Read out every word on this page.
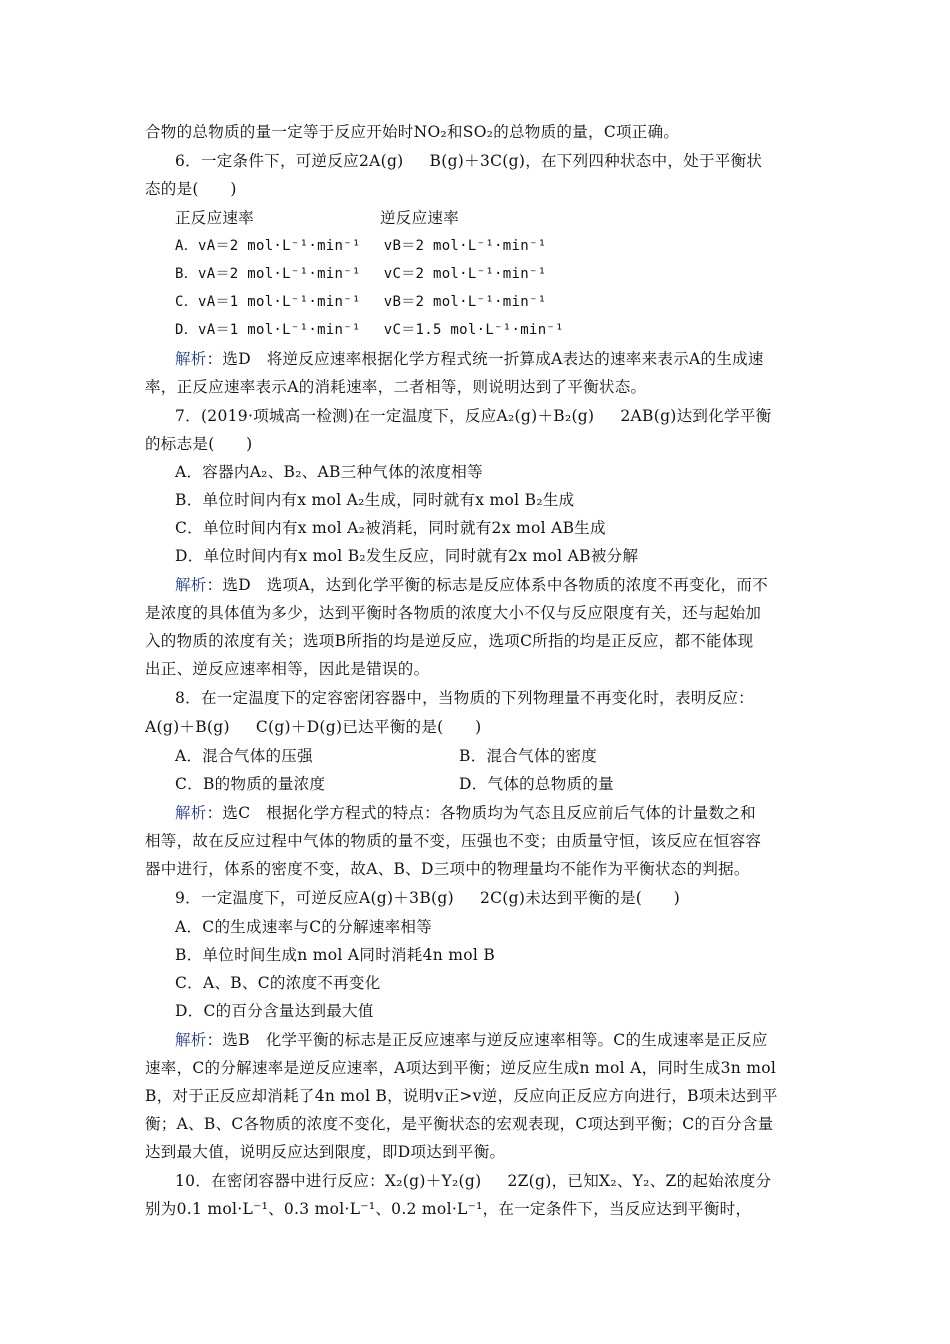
合物的总物质的量一定等于反应开始时NO₂和SO₂的总物质的量，C项正确。
6．一定条件下，可逆反应2A(g) B(g)＋3C(g)，在下列四种状态中，处于平衡状
态的是(　　)
正反应速率	逆反应速率
A．vA＝2 mol·L⁻¹·min⁻¹　 vB＝2 mol·L⁻¹·min⁻¹
B．vA＝2 mol·L⁻¹·min⁻¹　 vC＝2 mol·L⁻¹·min⁻¹
C．vA＝1 mol·L⁻¹·min⁻¹　 vB＝2 mol·L⁻¹·min⁻¹
D．vA＝1 mol·L⁻¹·min⁻¹　 vC＝1.5 mol·L⁻¹·min⁻¹
解析：选D　将逆反应速率根据化学方程式统一折算成A表达的速率来表示A的生成速
率，正反应速率表示A的消耗速率，二者相等，则说明达到了平衡状态。
7．(2019·项城高一检测)在一定温度下，反应A₂(g)＋B₂(g) 2AB(g)达到化学平衡
的标志是(　　)
A．容器内A₂、B₂、AB三种气体的浓度相等
B．单位时间内有x mol A₂生成，同时就有x mol B₂生成
C．单位时间内有x mol A₂被消耗，同时就有2x mol AB生成
D．单位时间内有x mol B₂发生反应，同时就有2x mol AB被分解
解析：选D　选项A，达到化学平衡的标志是反应体系中各物质的浓度不再变化，而不
是浓度的具体值为多少，达到平衡时各物质的浓度大小不仅与反应限度有关，还与起始加
入的物质的浓度有关；选项B所指的均是逆反应，选项C所指的均是正反应，都不能体现
出正、逆反应速率相等，因此是错误的。
8．在一定温度下的定容密闭容器中，当物质的下列物理量不再变化时，表明反应：
A(g)＋B(g) C(g)＋D(g)已达平衡的是(　　)
A．混合气体的压强	B．混合气体的密度
C．B的物质的量浓度	D．气体的总物质的量
解析：选C　根据化学方程式的特点：各物质均为气态且反应前后气体的计量数之和
相等，故在反应过程中气体的物质的量不变，压强也不变；由质量守恒，该反应在恒容容
器中进行，体系的密度不变，故A、B、D三项中的物理量均不能作为平衡状态的判据。
9．一定温度下，可逆反应A(g)＋3B(g) 2C(g)未达到平衡的是(　　)
A．C的生成速率与C的分解速率相等
B．单位时间生成n mol A同时消耗4n mol B
C．A、B、C的浓度不再变化
D．C的百分含量达到最大值
解析：选B　化学平衡的标志是正反应速率与逆反应速率相等。C的生成速率是正反应
速率，C的分解速率是逆反应速率，A项达到平衡；逆反应生成n mol A，同时生成3n mol
B，对于正反应却消耗了4n mol B，说明v正>v逆，反应向正反应方向进行，B项未达到平
衡；A、B、C各物质的浓度不变化，是平衡状态的宏观表现，C项达到平衡；C的百分含量
达到最大值，说明反应达到限度，即D项达到平衡。
10．在密闭容器中进行反应：X₂(g)＋Y₂(g) 2Z(g)，已知X₂、Y₂、Z的起始浓度分
别为0.1 mol·L⁻¹、0.3 mol·L⁻¹、0.2 mol·L⁻¹，在一定条件下，当反应达到平衡时，
